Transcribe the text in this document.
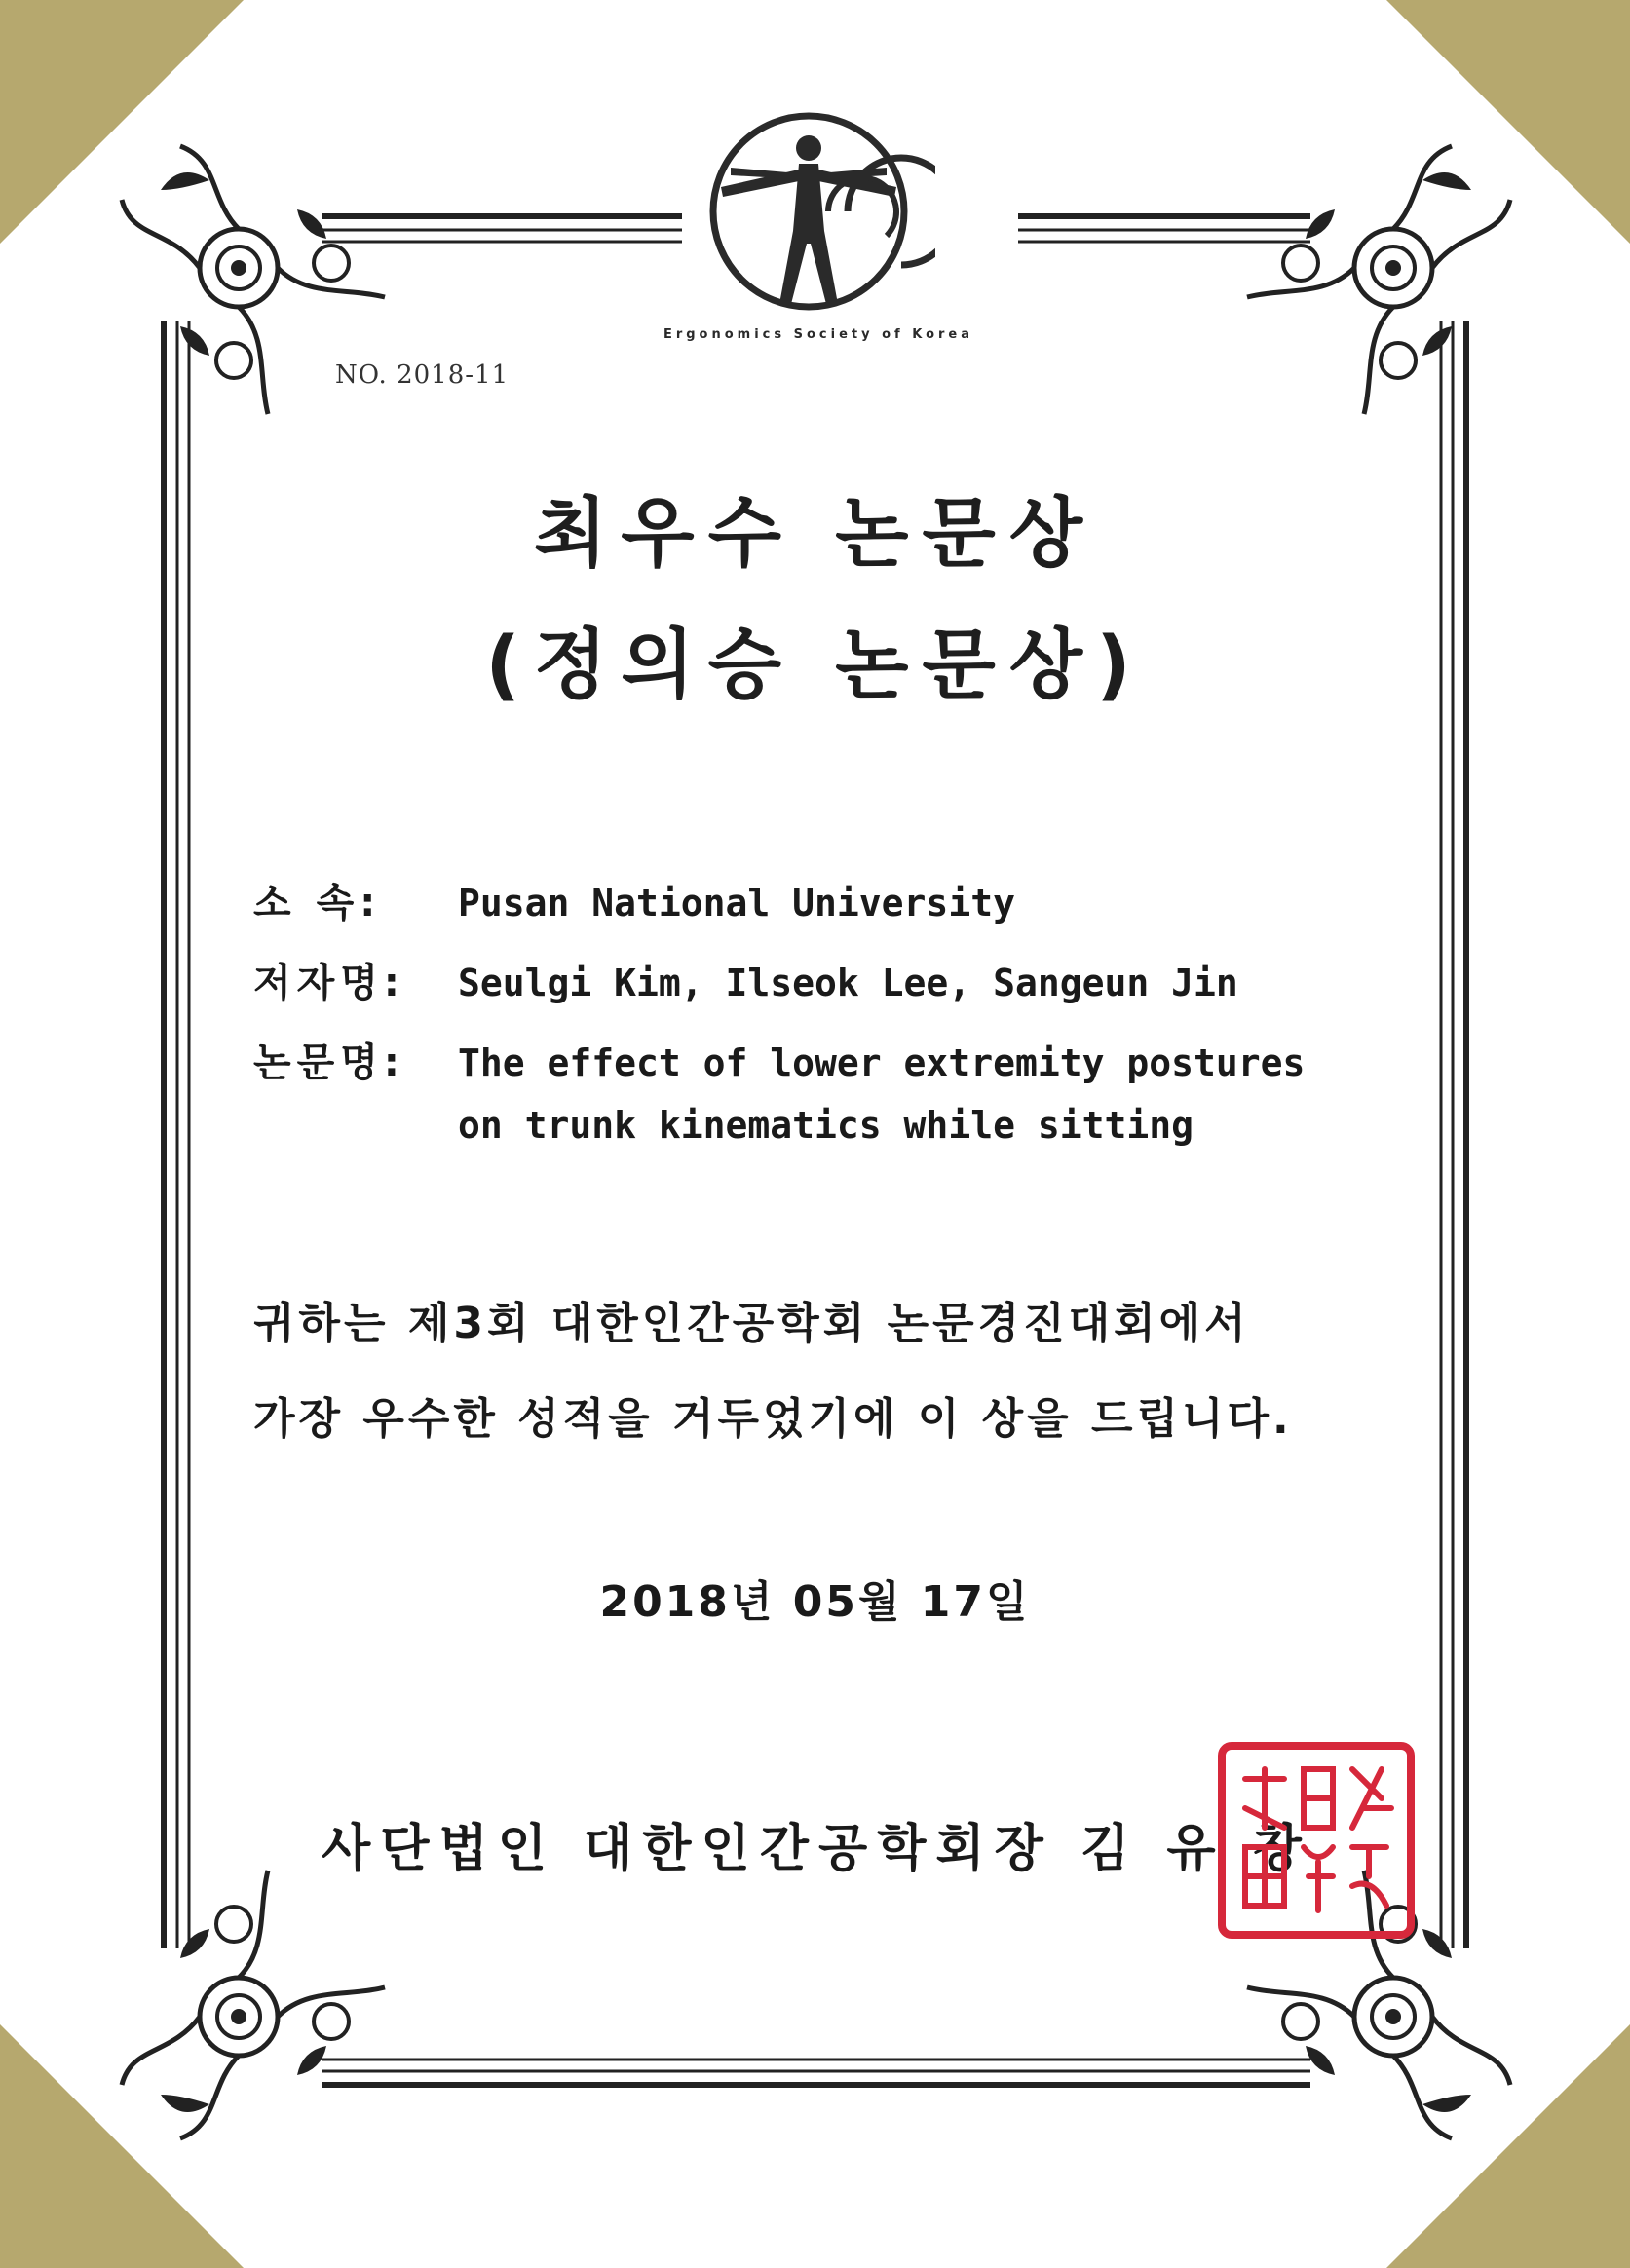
Ergonomics Society of Korea
NO. 2018-11
최우수 논문상
(정의승 논문상)
소 속:	Pusan National University
저자명:	Seulgi Kim, Ilseok Lee, Sangeun Jin
논문명:	The effect of lower extremity postures
on trunk kinematics while sitting

귀하는 제3회 대한인간공학회 논문경진대회에서

가장 우수한 성적을 거두었기에 이 상을 드립니다.

2018년 05월 17일
사단법인 대한인간공학회장 김 유 창
